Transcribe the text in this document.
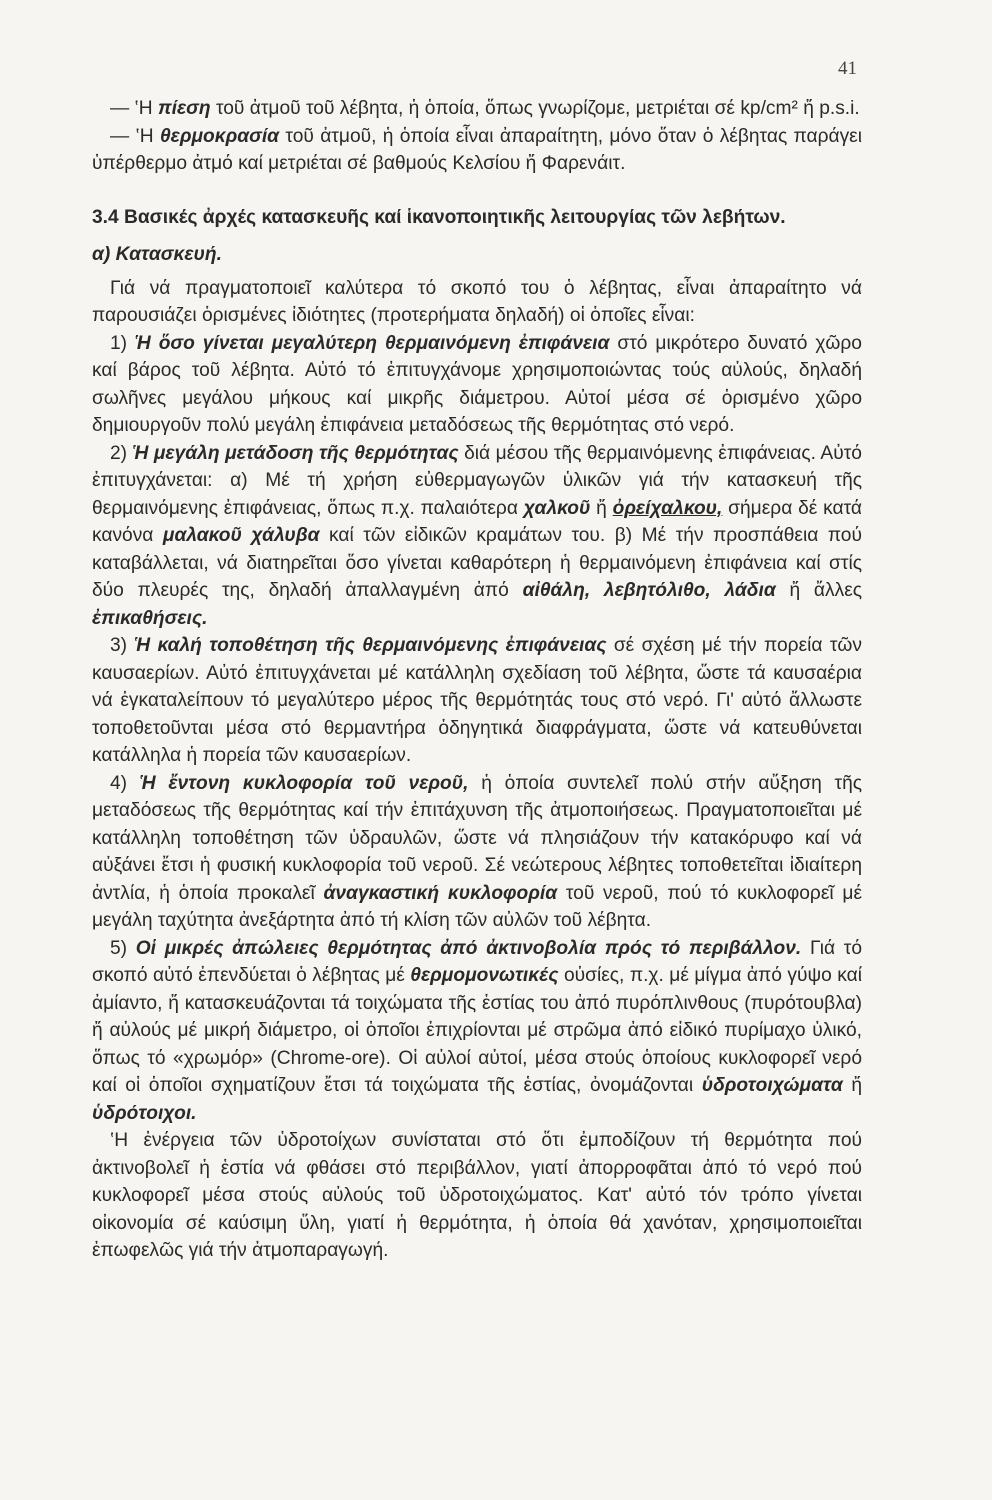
41

— ‛Η πίεση τοῦ ἀτμοῦ τοῦ λέβητα, ἡ ὁποία, ὅπως γνωρίζομε, μετριέται σέ kp/cm² ἤ p.s.i.

— ‛Η θερμοκρασία τοῦ ἀτμοῦ, ἡ ὁποία εἶναι ἀπαραίτητη, μόνο ὅταν ὁ λέβητας παράγει ὑπέρθερμο ἀτμό καί μετριέται σέ βαθμούς Κελσίου ἤ Φαρενάιτ.

3.4 Βασικές ἀρχές κατασκευῆς καί ἱκανοποιητικῆς λειτουργίας τῶν λεβήτων.

α) Κατασκευή.

Γιά νά πραγματοποιεῖ καλύτερα τό σκοπό του ὁ λέβητας, εἶναι ἀπαραίτητο νά παρουσιάζει ὁρισμένες ἰδιότητες (προτερήματα δηλαδή) οἱ ὁποῖες εἶναι:

1) Ἡ ὅσο γίνεται μεγαλύτερη θερμαινόμενη ἐπιφάνεια στό μικρότερο δυνατό χῶρο καί βάρος τοῦ λέβητα. Αὐτό τό ἐπιτυγχάνομε χρησιμοποιώντας τούς αὐλούς, δηλαδή σωλῆνες μεγάλου μήκους καί μικρῆς διάμετρου. Αὐτοί μέσα σέ ὁρισμένο χῶρο δημιουργοῦν πολύ μεγάλη ἐπιφάνεια μεταδόσεως τῆς θερμότητας στό νερό.

2) Ἡ μεγάλη μετάδοση τῆς θερμότητας διά μέσου τῆς θερμαινόμενης ἐπιφάνειας. Αὐτό ἐπιτυγχάνεται: α) Μέ τή χρήση εὐθερμαγωγῶν ὑλικῶν γιά τήν κατασκευή τῆς θερμαινόμενης ἐπιφάνειας, ὅπως π.χ. παλαιότερα χαλκοῦ ἤ ὀρείχαλκου, σήμερα δέ κατά κανόνα μαλακοῦ χάλυβα καί τῶν εἰδικῶν κραμάτων του. β) Μέ τήν προσπάθεια πού καταβάλλεται, νά διατηρεῖται ὅσο γίνεται καθαρότερη ἡ θερμαινόμενη ἐπιφάνεια καί στίς δύο πλευρές της, δηλαδή ἀπαλλαγμένη ἀπό αἰθάλη, λεβητόλιθο, λάδια ἤ ἄλλες ἐπικαθήσεις.

3) Ἡ καλή τοποθέτηση τῆς θερμαινόμενης ἐπιφάνειας σέ σχέση μέ τήν πορεία τῶν καυσαερίων. Αὐτό ἐπιτυγχάνεται μέ κατάλληλη σχεδίαση τοῦ λέβητα, ὥστε τά καυσαέρια νά ἐγκαταλείπουν τό μεγαλύτερο μέρος τῆς θερμότητάς τους στό νερό. Γι' αὐτό ἄλλωστε τοποθετοῦνται μέσα στό θερμαντήρα ὁδηγητικά διαφράγματα, ὥστε νά κατευθύνεται κατάλληλα ἡ πορεία τῶν καυσαερίων.

4) Ἡ ἔντονη κυκλοφορία τοῦ νεροῦ, ἡ ὁποία συντελεῖ πολύ στήν αὔξηση τῆς μεταδόσεως τῆς θερμότητας καί τήν ἐπιτάχυνση τῆς ἀτμοποιήσεως. Πραγματοποιεῖται μέ κατάλληλη τοποθέτηση τῶν ὑδραυλῶν, ὥστε νά πλησιάζουν τήν κατακόρυφο καί νά αὐξάνει ἔτσι ἡ φυσική κυκλοφορία τοῦ νεροῦ. Σέ νεώτερους λέβητες τοποθετεῖται ἰδιαίτερη ἀντλία, ἡ ὁποία προκαλεῖ ἀναγκαστική κυκλοφορία τοῦ νεροῦ, πού τό κυκλοφορεῖ μέ μεγάλη ταχύτητα ἀνεξάρτητα ἀπό τή κλίση τῶν αὐλῶν τοῦ λέβητα.

5) Οἱ μικρές ἀπώλειες θερμότητας ἀπό ἀκτινοβολία πρός τό περιβάλλον. Γιά τό σκοπό αὐτό ἐπενδύεται ὁ λέβητας μέ θερμομονωτικές οὐσίες, π.χ. μέ μίγμα ἀπό γύψο καί ἀμίαντο, ἤ κατασκευάζονται τά τοιχώματα τῆς ἑστίας του ἀπό πυρόπλινθους (πυρότουβλα) ἤ αὐλούς μέ μικρή διάμετρο, οἱ ὁποῖοι ἐπιχρίονται μέ στρῶμα ἀπό εἰδικό πυρίμαχο ὑλικό, ὅπως τό «χρωμόρ» (Chrome-ore). Οἱ αὐλοί αὐτοί, μέσα στούς ὁποίους κυκλοφορεῖ νερό καί οἱ ὁποῖοι σχηματίζουν ἔτσι τά τοιχώματα τῆς ἑστίας, ὀνομάζονται ὑδροτοιχώματα ἤ ὑδρότοιχοι.

‛Η ἐνέργεια τῶν ὑδροτοίχων συνίσταται στό ὅτι ἐμποδίζουν τή θερμότητα πού ἀκτινοβολεῖ ἡ ἑστία νά φθάσει στό περιβάλλον, γιατί ἀπορροφᾶται ἀπό τό νερό πού κυκλοφορεῖ μέσα στούς αὐλούς τοῦ ὑδροτοιχώματος. Κατ' αὐτό τόν τρόπο γίνεται οἰκονομία σέ καύσιμη ὕλη, γιατί ἡ θερμότητα, ἡ ὁποία θά χανόταν, χρησιμοποιεῖται ἐπωφελῶς γιά τήν ἀτμοπαραγωγή.
